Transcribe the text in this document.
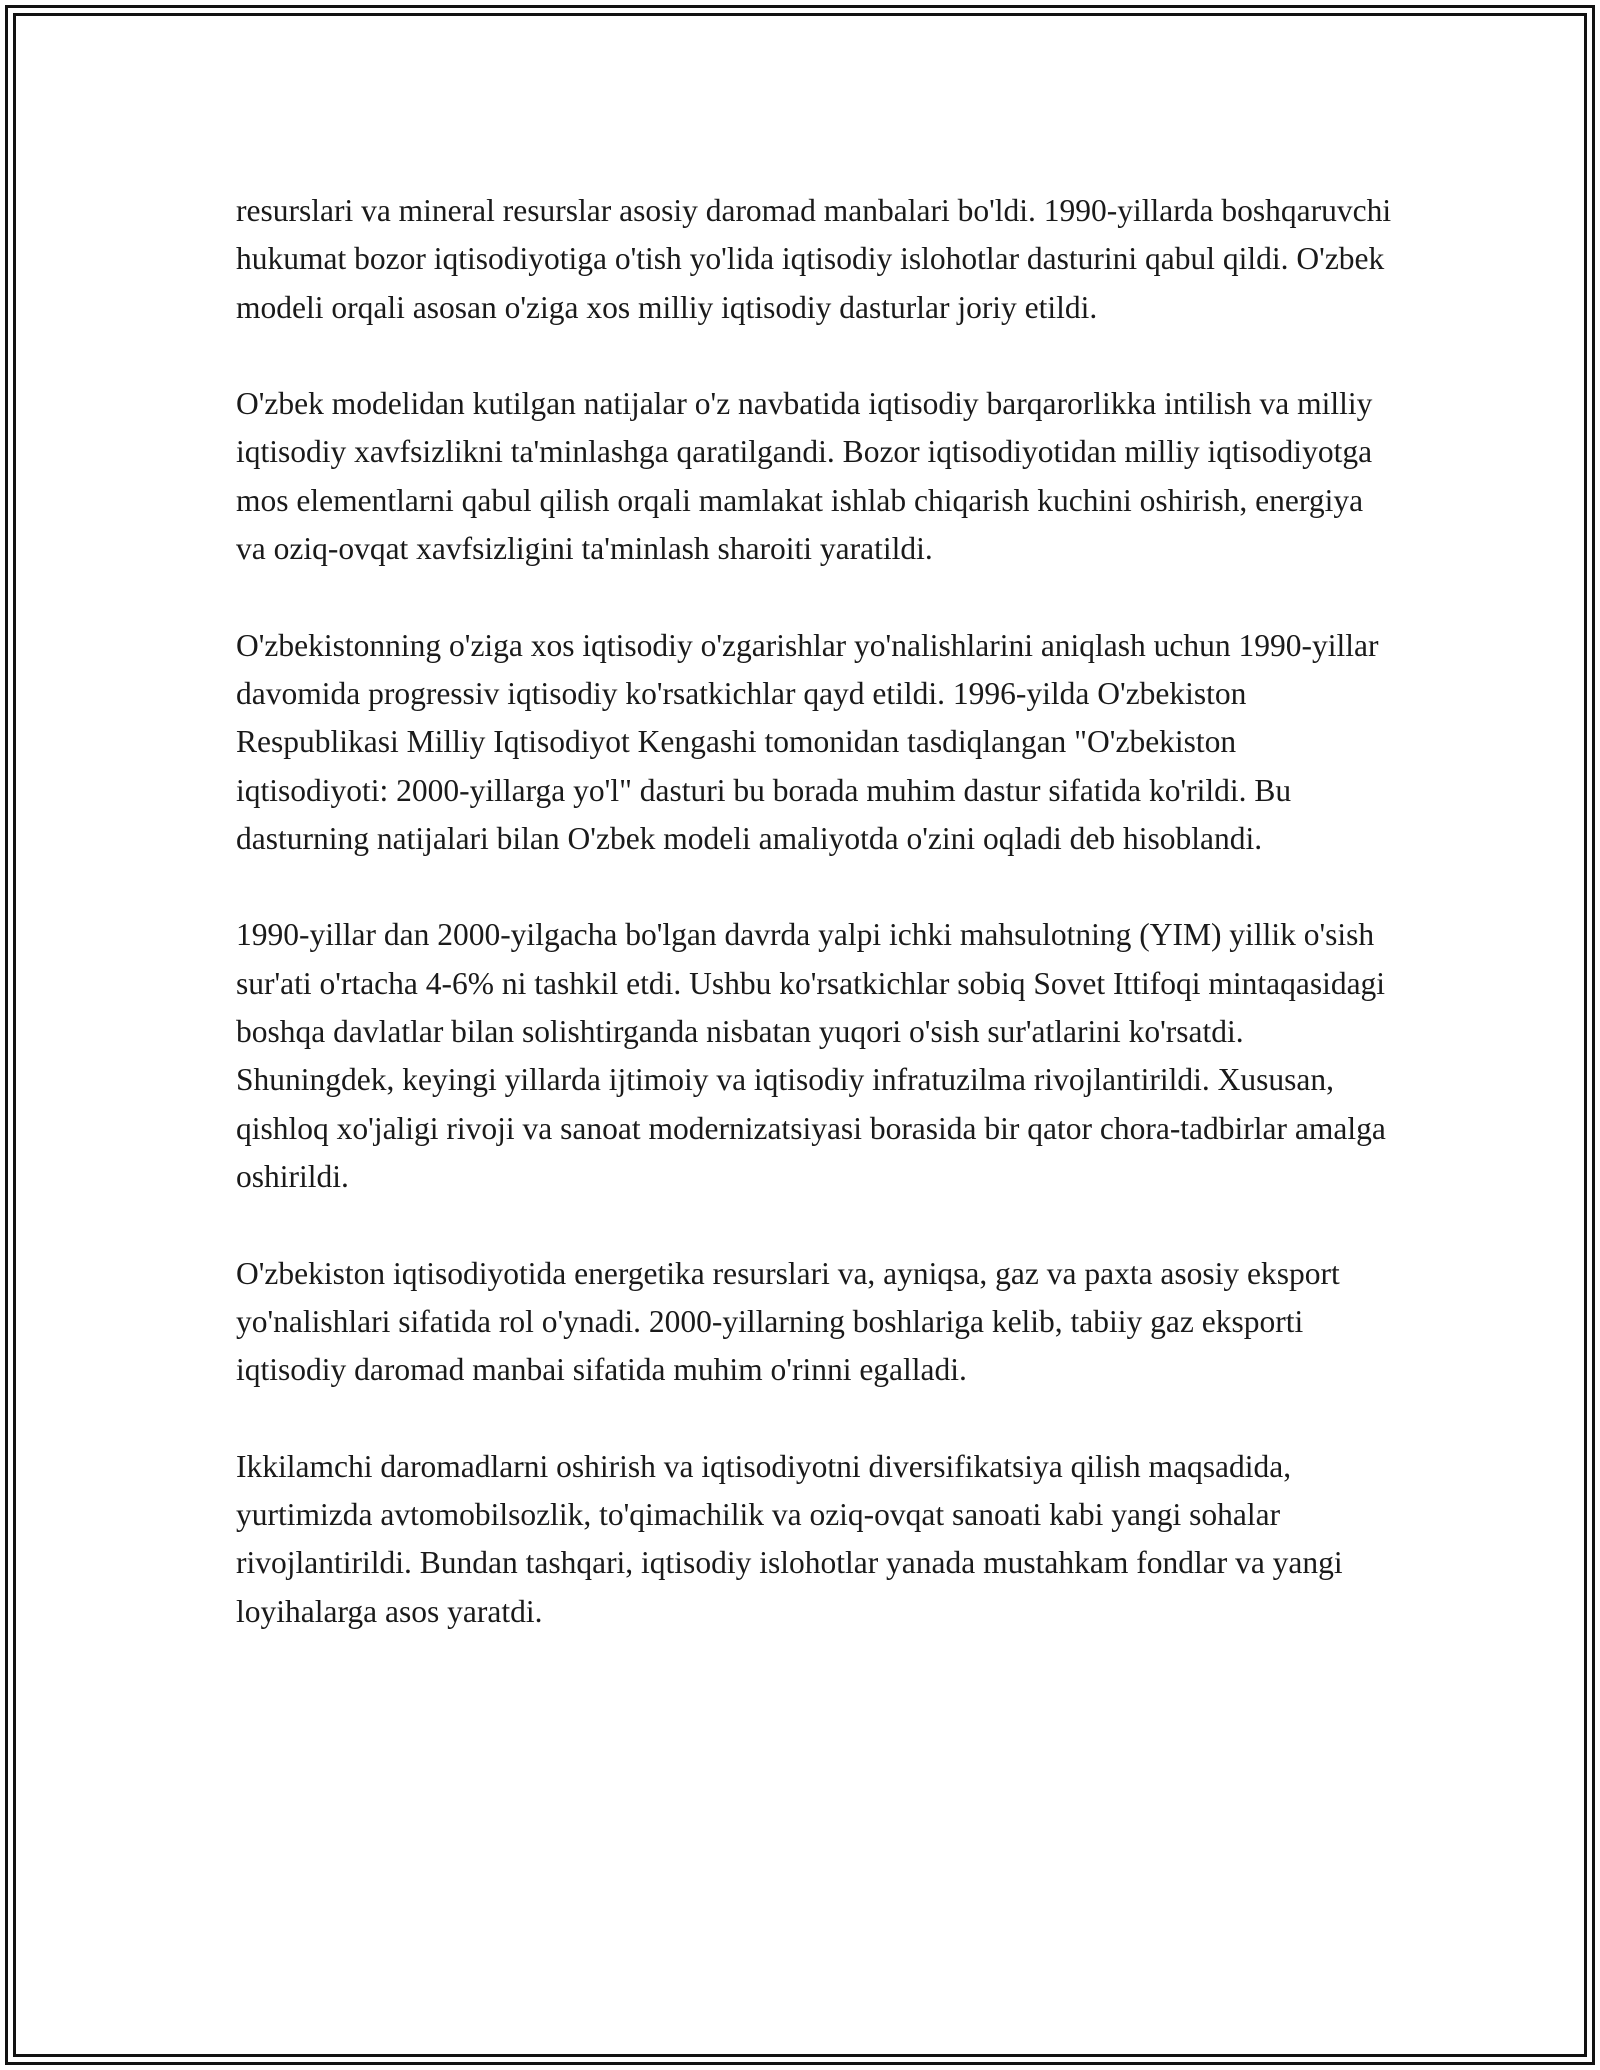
resurslari va mineral resurslar asosiy daromad manbalari bo'ldi. 1990-yillarda boshqaruvchi hukumat bozor iqtisodiyotiga o'tish yo'lida iqtisodiy islohotlar dasturini qabul qildi. O'zbek modeli orqali asosan o'ziga xos milliy iqtisodiy dasturlar joriy etildi.

O'zbek modelidan kutilgan natijalar o'z navbatida iqtisodiy barqarorlikka intilish va milliy iqtisodiy xavfsizlikni ta'minlashga qaratilgandi. Bozor iqtisodiyotidan milliy iqtisodiyotga mos elementlarni qabul qilish orqali mamlakat ishlab chiqarish kuchini oshirish, energiya va oziq-ovqat xavfsizligini ta'minlash sharoiti yaratildi.

O'zbekistonning o'ziga xos iqtisodiy o'zgarishlar yo'nalishlarini aniqlash uchun 1990-yillar davomida progressiv iqtisodiy ko'rsatkichlar qayd etildi. 1996-yilda O'zbekiston Respublikasi Milliy Iqtisodiyot Kengashi tomonidan tasdiqlangan "O'zbekiston iqtisodiyoti: 2000-yillarga yo'l" dasturi bu borada muhim dastur sifatida ko'rildi. Bu dasturning natijalari bilan O'zbek modeli amaliyotda o'zini oqladi deb hisoblandi.

1990-yillar dan 2000-yilgacha bo'lgan davrda yalpi ichki mahsulotning (YIM) yillik o'sish sur'ati o'rtacha 4-6% ni tashkil etdi. Ushbu ko'rsatkichlar sobiq Sovet Ittifoqi mintaqasidagi boshqa davlatlar bilan solishtirganda nisbatan yuqori o'sish sur'atlarini ko'rsatdi. Shuningdek, keyingi yillarda ijtimoiy va iqtisodiy infratuzilma rivojlantirildi. Xususan, qishloq xo'jaligi rivoji va sanoat modernizatsiyasi borasida bir qator chora-tadbirlar amalga oshirildi.

O'zbekiston iqtisodiyotida energetika resurslari va, ayniqsa, gaz va paxta asosiy eksport yo'nalishlari sifatida rol o'ynadi. 2000-yillarning boshlariga kelib, tabiiy gaz eksporti iqtisodiy daromad manbai sifatida muhim o'rinni egalladi.

Ikkilamchi daromadlarni oshirish va iqtisodiyotni diversifikatsiya qilish maqsadida, yurtimizda avtomobilsozlik, to'qimachilik va oziq-ovqat sanoati kabi yangi sohalar rivojlantirildi. Bundan tashqari, iqtisodiy islohotlar yanada mustahkam fondlar va yangi loyihalarga asos yaratdi.
